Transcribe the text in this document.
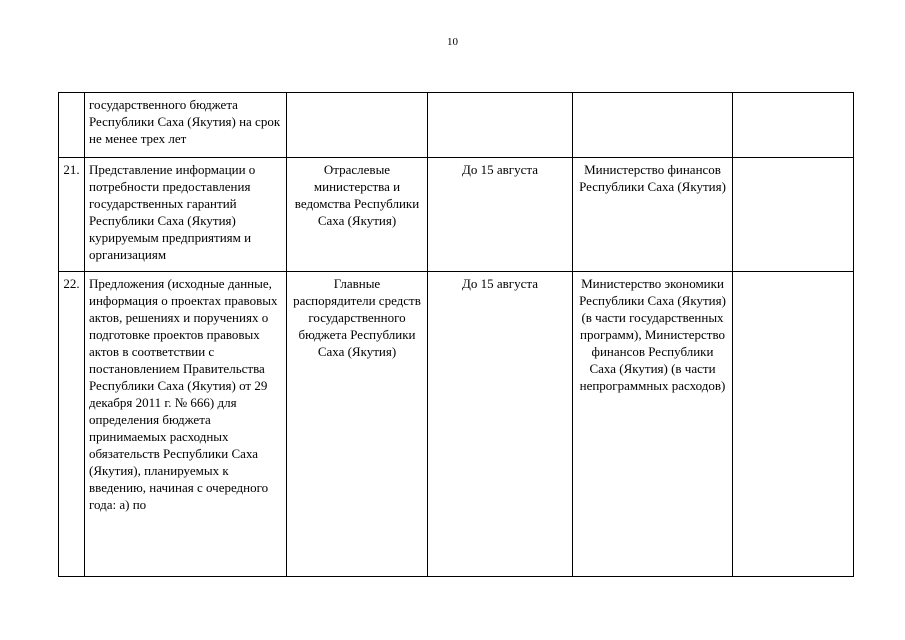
10
	государственного бюджета Республики Саха (Якутия) на срок не менее трех лет				
21.	Представление информации о потребности предоставления государственных гарантий Республики Саха (Якутия) курируемым предприятиям и организациям	Отраслевые министерства и ведомства Республики Саха (Якутия)	До 15 августа	Министерство финансов Республики Саха (Якутия)	
22.	Предложения (исходные данные, информация о проектах правовых актов, решениях и поручениях о подготовке проектов правовых актов в соответствии с постановлением Правительства Республики Саха (Якутия) от 29 декабря 2011 г. № 666) для определения бюджета принимаемых расходных обязательств Республики Саха (Якутия), планируемых к введению, начиная с очередного года: а) по	Главные распорядители средств государственного бюджета Республики Саха (Якутия)	До 15 августа	Министерство экономики Республики Саха (Якутия) (в части государственных программ), Министерство финансов Республики Саха (Якутия) (в части непрограммных расходов)	
